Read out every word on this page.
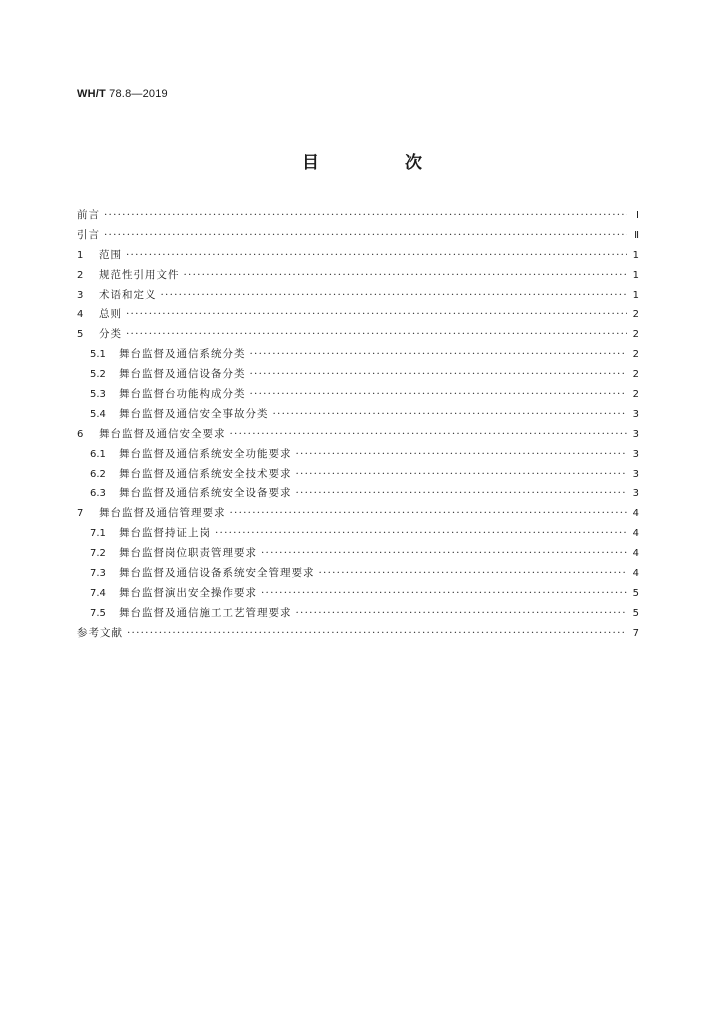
WH/T 78.8—2019
目 次
前言 ·····	Ⅰ
引言 ·····	Ⅱ
1	范围 ·····	1
2	规范性引用文件 ·····	1
3	术语和定义 ·····	1
4	总则 ·····	2
5	分类 ·····	2
5.1	舞台监督及通信系统分类 ·····	2
5.2	舞台监督及通信设备分类 ·····	2
5.3	舞台监督台功能构成分类 ·····	2
5.4	舞台监督及通信安全事故分类 ·····	3
6	舞台监督及通信安全要求 ·····	3
6.1	舞台监督及通信系统安全功能要求 ·····	3
6.2	舞台监督及通信系统安全技术要求 ·····	3
6.3	舞台监督及通信系统安全设备要求 ·····	3
7	舞台监督及通信管理要求 ·····	4
7.1	舞台监督持证上岗 ·····	4
7.2	舞台监督岗位职责管理要求 ·····	4
7.3	舞台监督及通信设备系统安全管理要求 ·····	4
7.4	舞台监督演出安全操作要求 ·····	5
7.5	舞台监督及通信施工工艺管理要求 ·····	5
参考文献 ·····	7
